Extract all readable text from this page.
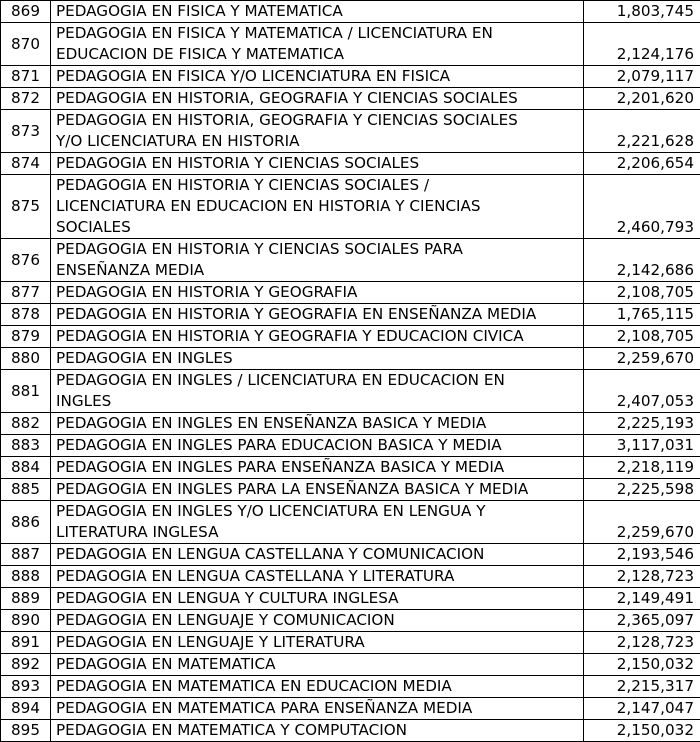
869	PEDAGOGIA EN FISICA Y MATEMATICA	1,803,745
870	PEDAGOGIA EN FISICA Y MATEMATICA / LICENCIATURA EN
EDUCACION DE FISICA Y MATEMATICA	2,124,176
871	PEDAGOGIA EN FISICA Y/O LICENCIATURA EN FISICA	2,079,117
872	PEDAGOGIA EN HISTORIA, GEOGRAFIA Y CIENCIAS SOCIALES	2,201,620
873	PEDAGOGIA EN HISTORIA, GEOGRAFIA Y CIENCIAS SOCIALES
Y/O LICENCIATURA EN HISTORIA	2,221,628
874	PEDAGOGIA EN HISTORIA Y CIENCIAS SOCIALES	2,206,654
875	PEDAGOGIA EN HISTORIA Y CIENCIAS SOCIALES /
LICENCIATURA EN EDUCACION EN HISTORIA Y CIENCIAS
SOCIALES	2,460,793
876	PEDAGOGIA EN HISTORIA Y CIENCIAS SOCIALES PARA
ENSEÑANZA MEDIA	2,142,686
877	PEDAGOGIA EN HISTORIA Y GEOGRAFIA	2,108,705
878	PEDAGOGIA EN HISTORIA Y GEOGRAFIA EN ENSEÑANZA MEDIA	1,765,115
879	PEDAGOGIA EN HISTORIA Y GEOGRAFIA Y EDUCACION CIVICA	2,108,705
880	PEDAGOGIA EN INGLES	2,259,670
881	PEDAGOGIA EN INGLES / LICENCIATURA EN EDUCACION EN
INGLES	2,407,053
882	PEDAGOGIA EN INGLES EN ENSEÑANZA BASICA Y MEDIA	2,225,193
883	PEDAGOGIA EN INGLES PARA EDUCACION BASICA Y MEDIA	3,117,031
884	PEDAGOGIA EN INGLES PARA ENSEÑANZA BASICA Y MEDIA	2,218,119
885	PEDAGOGIA EN INGLES PARA LA ENSEÑANZA BASICA Y MEDIA	2,225,598
886	PEDAGOGIA EN INGLES Y/O LICENCIATURA EN LENGUA Y
LITERATURA INGLESA	2,259,670
887	PEDAGOGIA EN LENGUA CASTELLANA Y COMUNICACION	2,193,546
888	PEDAGOGIA EN LENGUA CASTELLANA Y LITERATURA	2,128,723
889	PEDAGOGIA EN LENGUA Y CULTURA INGLESA	2,149,491
890	PEDAGOGIA EN LENGUAJE Y COMUNICACION	2,365,097
891	PEDAGOGIA EN LENGUAJE Y LITERATURA	2,128,723
892	PEDAGOGIA EN MATEMATICA	2,150,032
893	PEDAGOGIA EN MATEMATICA EN EDUCACION MEDIA	2,215,317
894	PEDAGOGIA EN MATEMATICA PARA ENSEÑANZA MEDIA	2,147,047
895	PEDAGOGIA EN MATEMATICA Y COMPUTACION	2,150,032
